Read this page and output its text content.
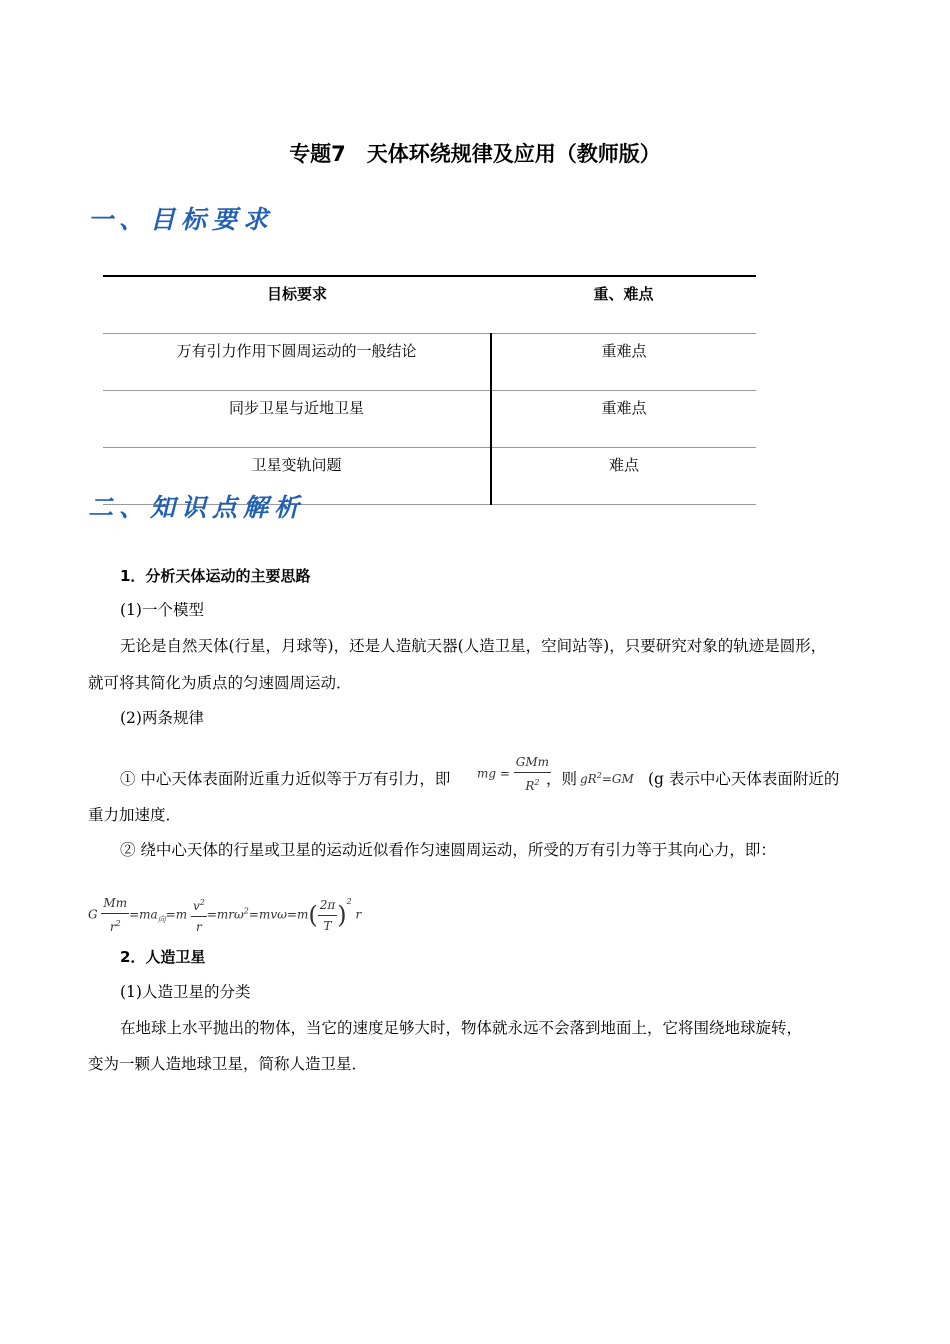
专题7　天体环绕规律及应用（教师版）
一、目标要求
目标要求	重、难点
万有引力作用下圆周运动的一般结论	重难点
同步卫星与近地卫星	重难点
卫星变轨问题	难点
二、知识点解析
1．分析天体运动的主要思路
(1)一个模型
无论是自然天体(行星，月球等)，还是人造航天器(人造卫星，空间站等)，只要研究对象的轨迹是圆形，
就可将其简化为质点的匀速圆周运动．
(2)两条规律
① 中心天体表面附近重力近似等于万有引力，即 mg = $\frac{\text{GMm}}{R^2}$
，则 $gR^2=GM$ (g 表示中心天体表面附近的
重力加速度．
② 绕中心天体的行星或卫星的运动近似看作匀速圆周运动，所受的万有引力等于其向心力，即：
G $\frac{Mm}{r^2} =ma_向=m \frac{v^2}{r} =mr\omega^2=mv\omega=m( \frac{2\pi}{T} )^2$ r
2．人造卫星
(1)人造卫星的分类
在地球上水平抛出的物体，当它的速度足够大时，物体就永远不会落到地面上，它将围绕地球旋转，
变为一颗人造地球卫星，简称人造卫星．
